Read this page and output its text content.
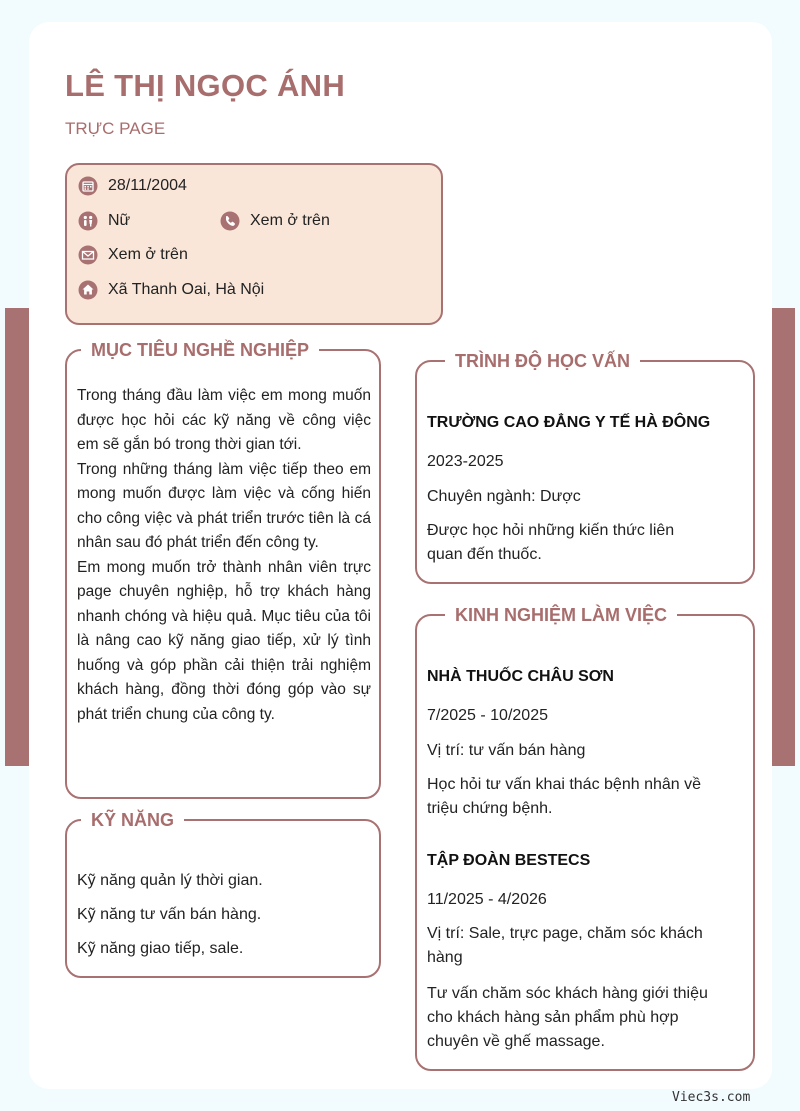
LÊ THỊ NGỌC ÁNH
TRỰC PAGE
28/11/2004
Nữ	Xem ở trên
Xem ở trên
Xã Thanh Oai, Hà Nội
MỤC TIÊU NGHỀ NGHIỆP

Trong tháng đầu làm việc em mong muốn được học hỏi các kỹ năng về công việc em sẽ gắn bó trong thời gian tới.

Trong những tháng làm việc tiếp theo em mong muốn được làm việc và cống hiến cho công việc và phát triển trước tiên là cá nhân sau đó phát triển đến công ty.

Em mong muốn trở thành nhân viên trực page chuyên nghiệp, hỗ trợ khách hàng nhanh chóng và hiệu quả. Mục tiêu của tôi là nâng cao kỹ năng giao tiếp, xử lý tình huống và góp phần cải thiện trải nghiệm khách hàng, đồng thời đóng góp vào sự phát triển chung của công ty.

KỸ NĂNG
Kỹ năng quản lý thời gian.
Kỹ năng tư vấn bán hàng.
Kỹ năng giao tiếp, sale.
TRÌNH ĐỘ HỌC VẤN
TRƯỜNG CAO ĐẲNG Y TẾ HÀ ĐÔNG
2023-2025
Chuyên ngành: Dược
Được học hỏi những kiến thức liên quan đến thuốc.
KINH NGHIỆM LÀM VIỆC
NHÀ THUỐC CHÂU SƠN
7/2025 - 10/2025
Vị trí: tư vấn bán hàng
Học hỏi tư vấn khai thác bệnh nhân về triệu chứng bệnh.
TẬP ĐOÀN BESTECS
11/2025 - 4/2026
Vị trí: Sale, trực page, chăm sóc khách hàng
Tư vấn chăm sóc khách hàng giới thiệu cho khách hàng sản phẩm phù hợp chuyên về ghế massage.
Viec3s.com
